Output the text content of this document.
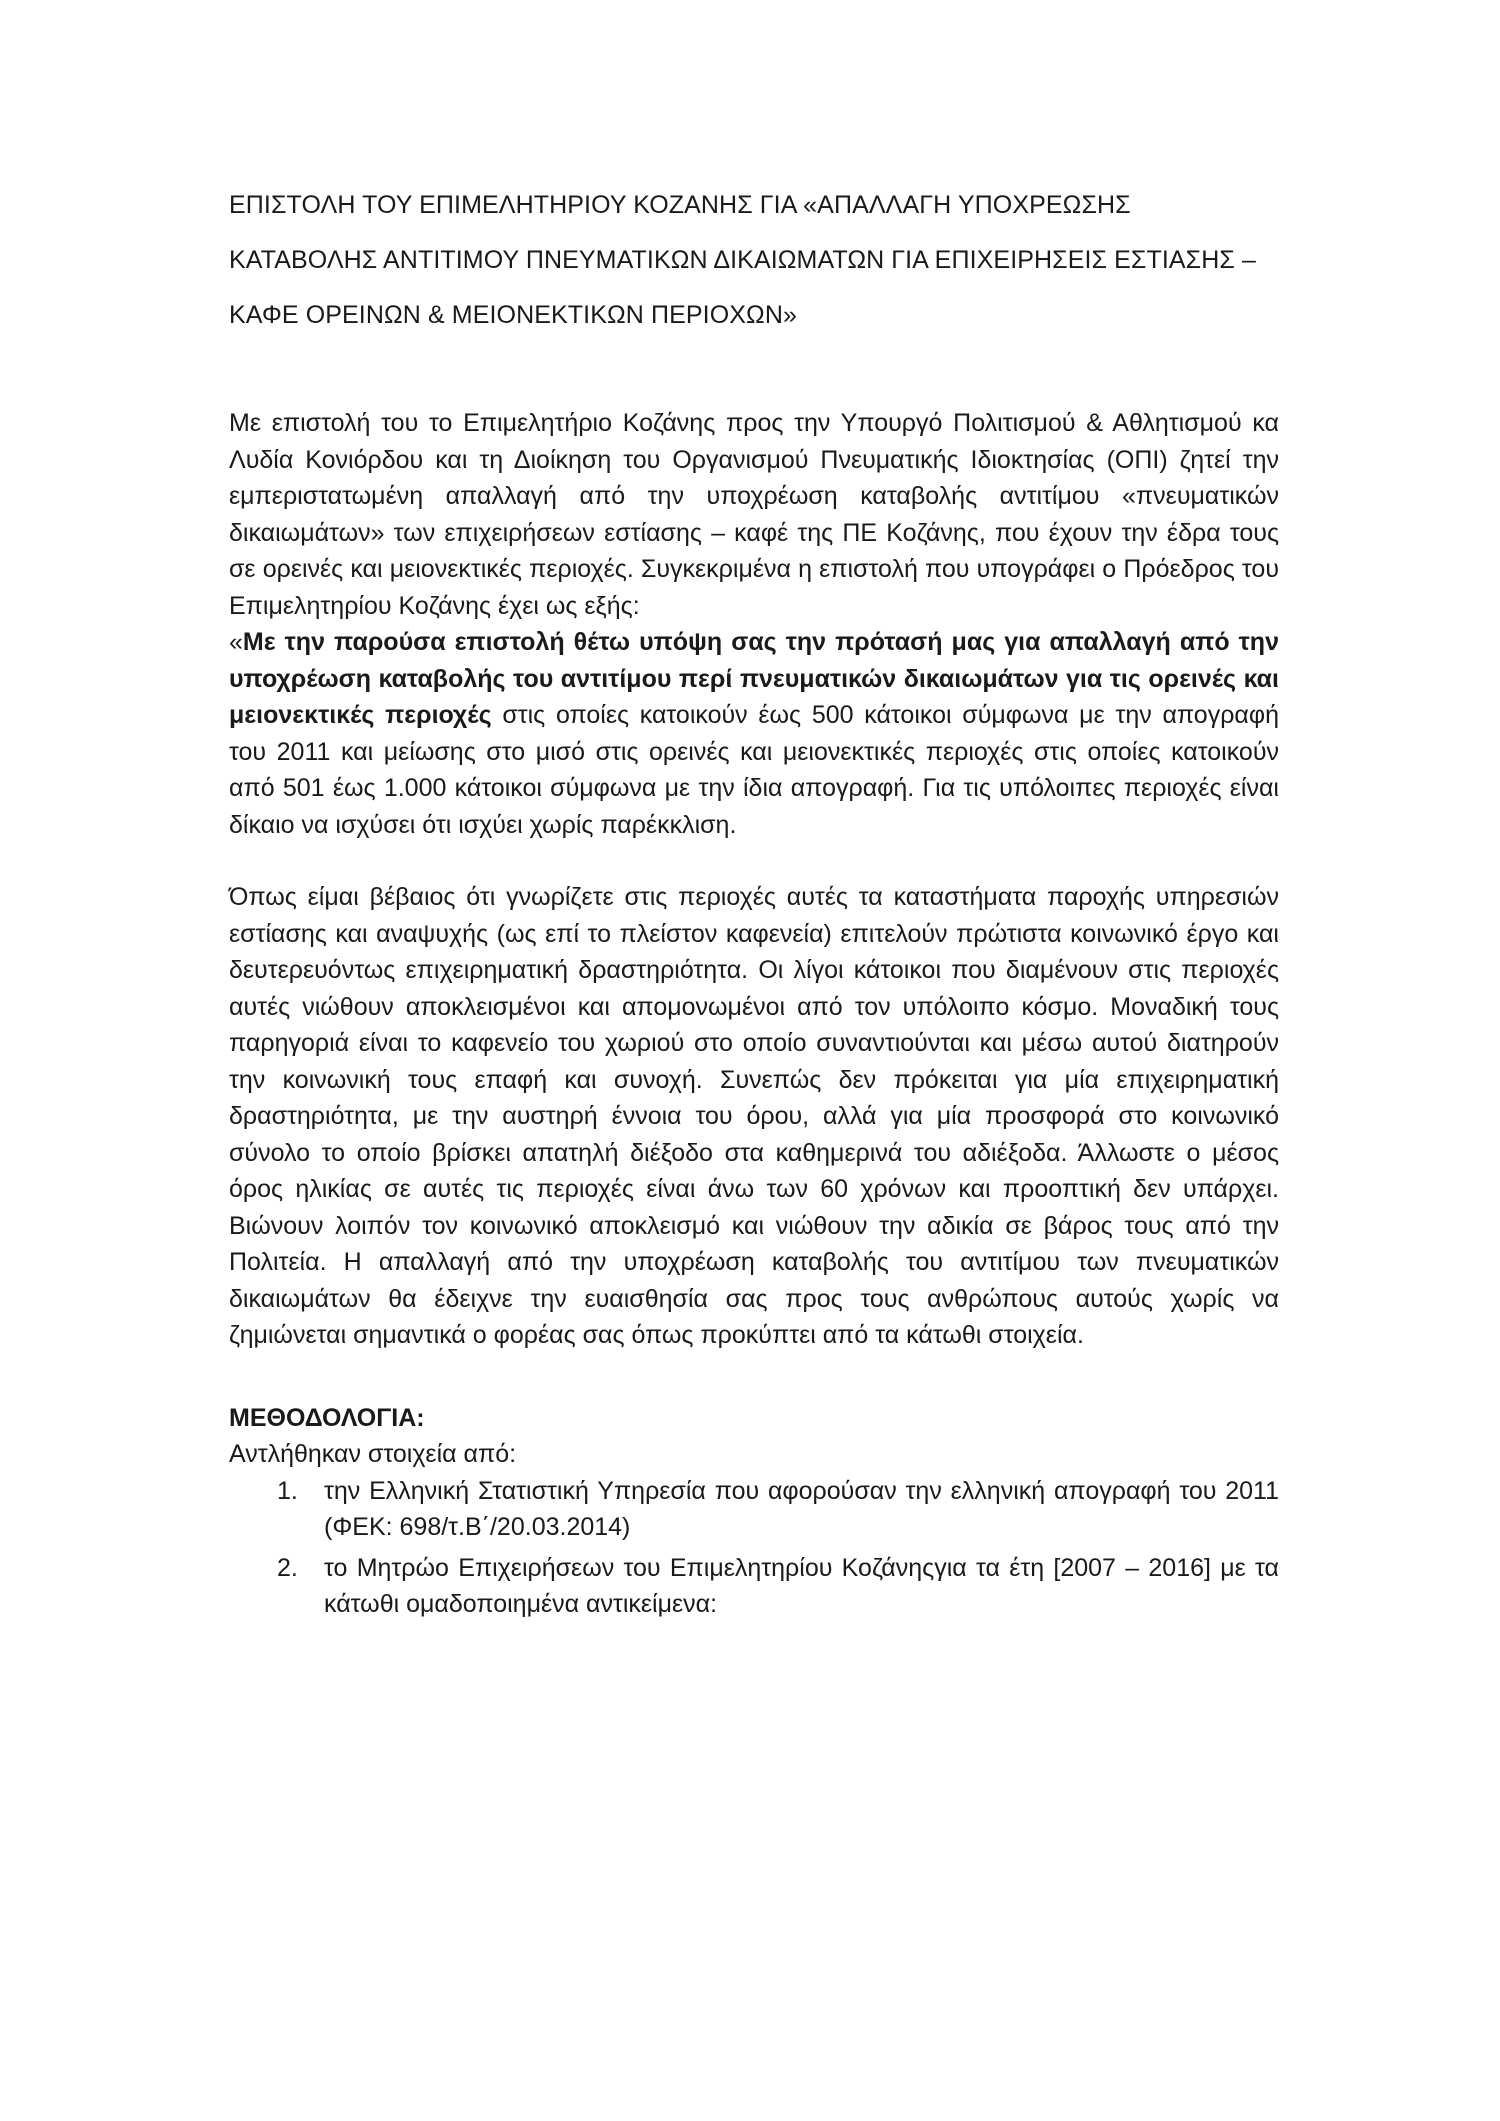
ΕΠΙΣΤΟΛΗ ΤΟΥ ΕΠΙΜΕΛΗΤΗΡΙΟΥ ΚΟΖΑΝΗΣ ΓΙΑ «ΑΠΑΛΛΑΓΗ ΥΠΟΧΡΕΩΣΗΣ

ΚΑΤΑΒΟΛΗΣ ΑΝΤΙΤΙΜΟΥ ΠΝΕΥΜΑΤΙΚΩΝ ΔΙΚΑΙΩΜΑΤΩΝ ΓΙΑ ΕΠΙΧΕΙΡΗΣΕΙΣ ΕΣΤΙΑΣΗΣ –

ΚΑΦΕ ΟΡΕΙΝΩΝ & ΜΕΙΟΝΕΚΤΙΚΩΝ ΠΕΡΙΟΧΩΝ»

Με επιστολή του το Επιμελητήριο Κοζάνης προς την Υπουργό Πολιτισμού & Αθλητισμού κα Λυδία Κονιόρδου και τη Διοίκηση του Οργανισμού Πνευματικής Ιδιοκτησίας (ΟΠΙ) ζητεί την εμπεριστατωμένη απαλλαγή από την υποχρέωση καταβολής αντιτίμου «πνευματικών δικαιωμάτων» των επιχειρήσεων εστίασης – καφέ της ΠΕ Κοζάνης, που έχουν την έδρα τους σε ορεινές και μειονεκτικές περιοχές. Συγκεκριμένα η επιστολή που υπογράφει ο Πρόεδρος του Επιμελητηρίου Κοζάνης έχει ως εξής:

«Με την παρούσα επιστολή θέτω υπόψη σας την πρότασή μας για απαλλαγή από την υποχρέωση καταβολής του αντιτίμου περί πνευματικών δικαιωμάτων για τις ορεινές και μειονεκτικές περιοχές στις οποίες κατοικούν έως 500 κάτοικοι σύμφωνα με την απογραφή του 2011 και μείωσης στο μισό στις ορεινές και μειονεκτικές περιοχές στις οποίες κατοικούν από 501 έως 1.000 κάτοικοι σύμφωνα με την ίδια απογραφή. Για τις υπόλοιπες περιοχές είναι δίκαιο να ισχύσει ότι ισχύει χωρίς παρέκκλιση.

Όπως είμαι βέβαιος ότι γνωρίζετε στις περιοχές αυτές τα καταστήματα παροχής υπηρεσιών εστίασης και αναψυχής (ως επί το πλείστον καφενεία) επιτελούν πρώτιστα κοινωνικό έργο και δευτερευόντως επιχειρηματική δραστηριότητα. Οι λίγοι κάτοικοι που διαμένουν στις περιοχές αυτές νιώθουν αποκλεισμένοι και απομονωμένοι από τον υπόλοιπο κόσμο. Μοναδική τους παρηγοριά είναι το καφενείο του χωριού στο οποίο συναντιούνται και μέσω αυτού διατηρούν την κοινωνική τους επαφή και συνοχή. Συνεπώς δεν πρόκειται για μία επιχειρηματική δραστηριότητα, με την αυστηρή έννοια του όρου, αλλά για μία προσφορά στο κοινωνικό σύνολο το οποίο βρίσκει απατηλή διέξοδο στα καθημερινά του αδιέξοδα. Άλλωστε ο μέσος όρος ηλικίας σε αυτές τις περιοχές είναι άνω των 60 χρόνων και προοπτική δεν υπάρχει. Βιώνουν λοιπόν τον κοινωνικό αποκλεισμό και νιώθουν την αδικία σε βάρος τους από την Πολιτεία. Η απαλλαγή από την υποχρέωση καταβολής του αντιτίμου των πνευματικών δικαιωμάτων θα έδειχνε την ευαισθησία σας προς τους ανθρώπους αυτούς χωρίς να ζημιώνεται σημαντικά ο φορέας σας όπως προκύπτει από τα κάτωθι στοιχεία.

ΜΕΘΟΔΟΛΟΓΙΑ:

Αντλήθηκαν στοιχεία από:

1. την Ελληνική Στατιστική Υπηρεσία που αφορούσαν την ελληνική απογραφή του 2011 (ΦΕΚ: 698/τ.Β΄/20.03.2014)
2. το Μητρώο Επιχειρήσεων του Επιμελητηρίου Κοζάνηςγια τα έτη [2007 – 2016] με τα κάτωθι ομαδοποιημένα αντικείμενα:
